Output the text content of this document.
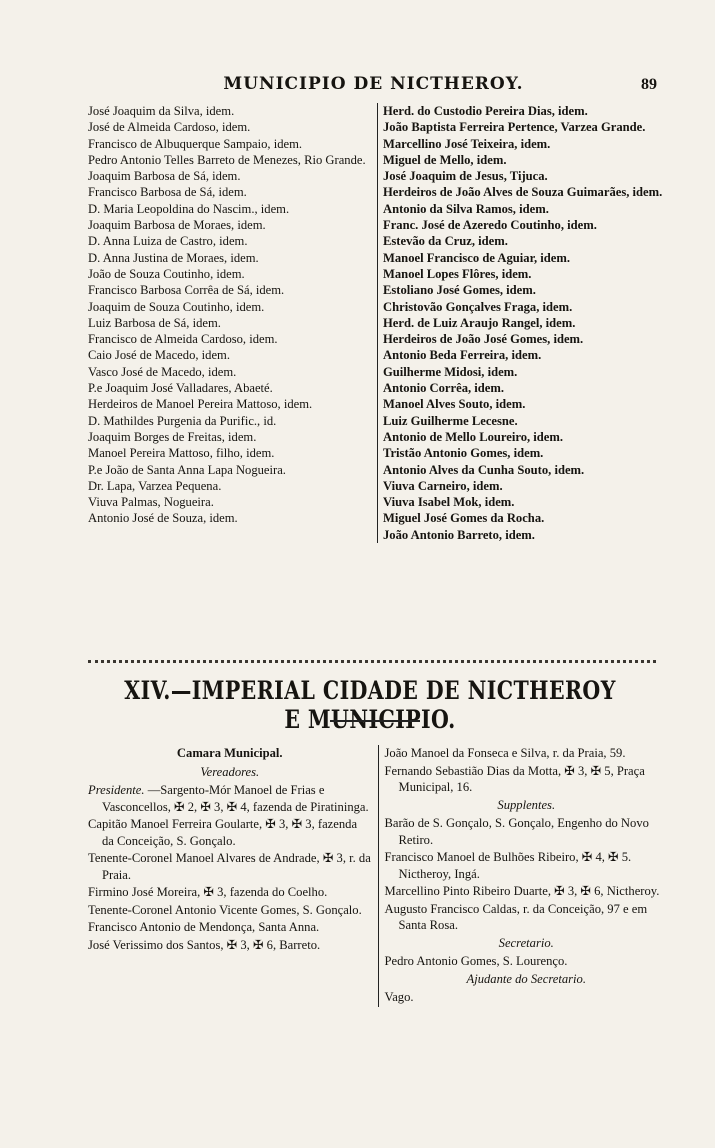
MUNICIPIO DE NICTHEROY.	89

José Joaquim da Silva, idem.

José de Almeida Cardoso, idem.

Francisco de Albuquerque Sampaio, idem.

Pedro Antonio Telles Barreto de Menezes, Rio Grande.

Joaquim Barbosa de Sá, idem.

Francisco Barbosa de Sá, idem.

D. Maria Leopoldina do Nascim., idem.

Joaquim Barbosa de Moraes, idem.

D. Anna Luiza de Castro, idem.

D. Anna Justina de Moraes, idem.

João de Souza Coutinho, idem.

Francisco Barbosa Corrêa de Sá, idem.

Joaquim de Souza Coutinho, idem.

Luiz Barbosa de Sá, idem.

Francisco de Almeida Cardoso, idem.

Caio José de Macedo, idem.

Vasco José de Macedo, idem.

P.e Joaquim José Valladares, Abaeté.

Herdeiros de Manoel Pereira Mattoso, idem.

D. Mathildes Purgenia da Purific., id.

Joaquim Borges de Freitas, idem.

Manoel Pereira Mattoso, filho, idem.

P.e João de Santa Anna Lapa Nogueira.

Dr. Lapa, Varzea Pequena.

Viuva Palmas, Nogueira.

Antonio José de Souza, idem.

Herd. do Custodio Pereira Dias, idem.

João Baptista Ferreira Pertence, Varzea Grande.

Marcellino José Teixeira, idem.

Miguel de Mello, idem.

José Joaquim de Jesus, Tijuca.

Herdeiros de João Alves de Souza Guimarães, idem.

Antonio da Silva Ramos, idem.

Franc. José de Azeredo Coutinho, idem.

Estevão da Cruz, idem.

Manoel Francisco de Aguiar, idem.

Manoel Lopes Flôres, idem.

Estoliano José Gomes, idem.

Christovão Gonçalves Fraga, idem.

Herd. de Luiz Araujo Rangel, idem.

Herdeiros de João José Gomes, idem.

Antonio Beda Ferreira, idem.

Guilherme Midosi, idem.

Antonio Corrêa, idem.

Manoel Alves Souto, idem.

Luiz Guilherme Lecesne.

Antonio de Mello Loureiro, idem.

Tristão Antonio Gomes, idem.

Antonio Alves da Cunha Souto, idem.

Viuva Carneiro, idem.

Viuva Isabel Mok, idem.

Miguel José Gomes da Rocha.

João Antonio Barreto, idem.

XIV.—IMPERIAL CIDADE DE NICTHEROY E MUNICIPIO.

Camara Municipal.

Vereadores.

Presidente. —Sargento-Mór Manoel de Frias e Vasconcellos, ✠ 2, ✠ 3, ✠ 4, fazenda de Piratininga.

Capitão Manoel Ferreira Goularte, ✠ 3, ✠ 3, fazenda da Conceição, S. Gonçalo.

Tenente-Coronel Manoel Alvares de Andrade, ✠ 3, r. da Praia.

Firmino José Moreira, ✠ 3, fazenda do Coelho.

Tenente-Coronel Antonio Vicente Gomes, S. Gonçalo.

Francisco Antonio de Mendonça, Santa Anna.

José Verissimo dos Santos, ✠ 3, ✠ 6, Barreto.

João Manoel da Fonseca e Silva, r. da Praia, 59.

Fernando Sebastião Dias da Motta, ✠ 3, ✠ 5, Praça Municipal, 16.

Supplentes.

Barão de S. Gonçalo, S. Gonçalo, Engenho do Novo Retiro.

Francisco Manoel de Bulhões Ribeiro, ✠ 4, ✠ 5. Nictheroy, Ingá.

Marcellino Pinto Ribeiro Duarte, ✠ 3, ✠ 6, Nictheroy.

Augusto Francisco Caldas, r. da Conceição, 97 e em Santa Rosa.

Secretario.

Pedro Antonio Gomes, S. Lourenço.

Ajudante do Secretario.

Vago.
